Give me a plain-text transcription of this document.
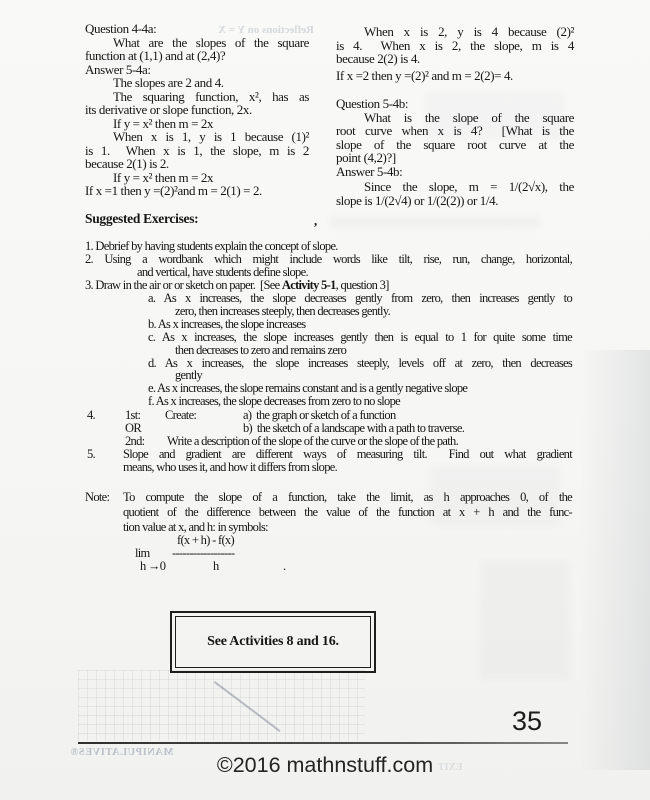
Reflections on Y = X
MANIPULATIVES®
EXIT
Question 4-4a:
What are the slopes of the square
function at (1,1) and at (2,4)?
Answer 5-4a:
The slopes are 2 and 4.
The squaring function, x², has as
its derivative or slope function, 2x.
If y = x² then m = 2x
When x is 1, y is 1 because (1)²
is 1.  When x is 1, the slope, m is 2
because 2(1) is 2.
If y = x² then m = 2x
If x =1 then y =(2)²and m = 2(1) = 2.
When x is 2, y is 4 because (2)²
is 4.  When x is 2, the slope, m is 4
because 2(2) is 4.
If x =2 then y =(2)² and m = 2(2)= 4.
Question 5-4b:
What is the slope of the square
root curve when x is 4?  [What is the
slope of the square root curve at the
point (4,2)?]
Answer 5-4b:
Since the slope, m = 1/(2√x), the
slope is 1/(2√4) or 1/(2(2)) or 1/4.
Suggested Exercises:
1. Debrief by having students explain the concept of slope.
2. Using a wordbank which might include words like tilt, rise, run, change, horizontal,
and vertical, have students define slope.
3. Draw in the air or or sketch on paper.  [See Activity 5-1, question 3]
a. As x increases, the slope decreases gently from zero, then increases gently to
zero, then increases steeply, then decreases gently.
b. As x increases, the slope increases
c. As x increases, the slope increases gently then is equal to 1 for quite some time
then decreases to zero and remains zero
d. As x increases, the slope increases steeply, levels off at zero, then decreases
gently
e. As x increases, the slope remains constant and is a gently negative slope
f. As x increases, the slope decreases from zero to no slope
4. 1st: Create:	a)  the graph or sketch of a function
OR	b)  the sketch of a landscape with a path to traverse.
2nd: Write a description of the slope of the curve or the slope of the path.
5. Slope and gradient are different ways of measuring tilt.  Find out what gradient
means, who uses it, and how it differs from slope.
Note: To compute the slope of a function, take the limit, as h approaches 0, of the
quotient of the difference between the value of the function at x + h and the func-
tion value at x, and h: in symbols:
f(x + h) - f(x)
lim ------------------
h →0	h	.
,
See Activities 8 and 16.
35
©2016 mathnstuff.com
